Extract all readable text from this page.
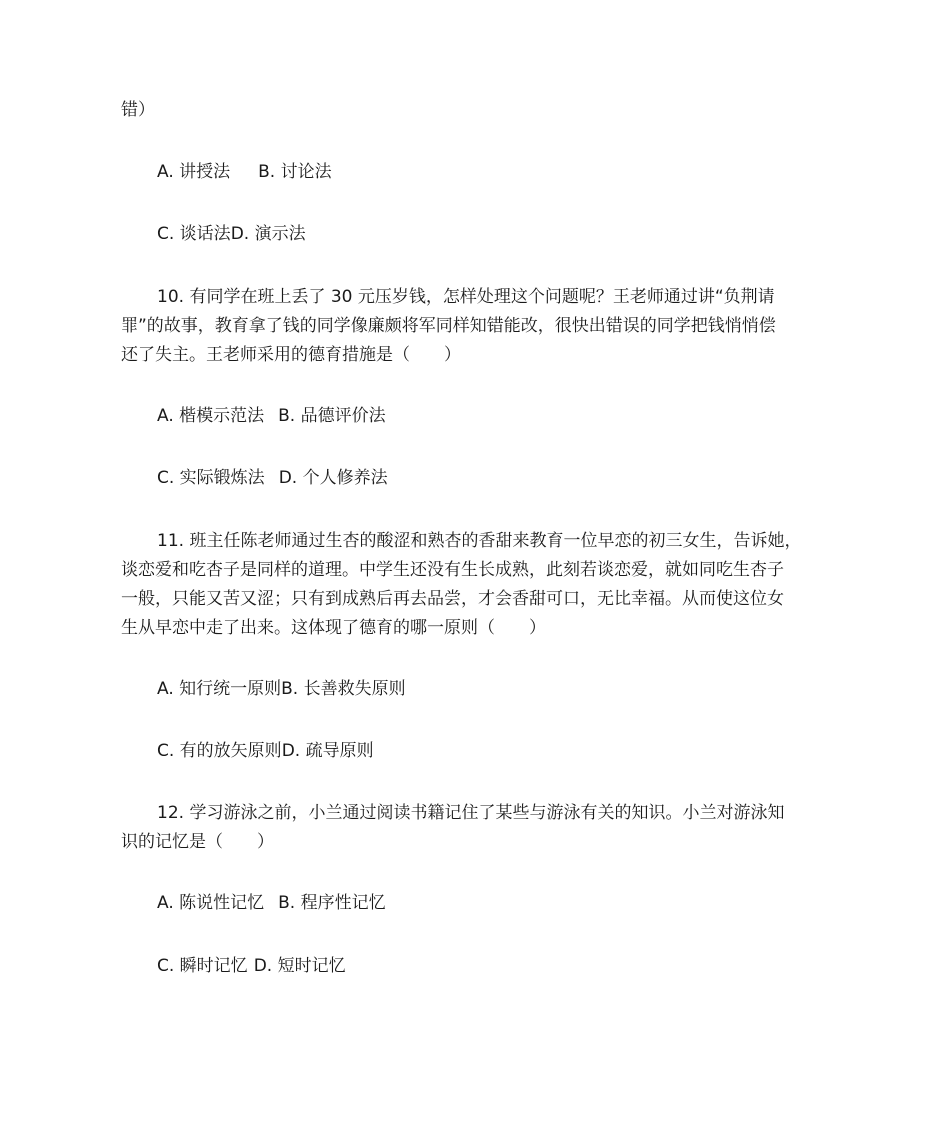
错）

A. 讲授法 B. 讨论法

C. 谈话法D. 演示法

10. 有同学在班上丢了 30 元压岁钱，怎样处理这个问题呢？王老师通过讲“负荆请

罪”的故事，教育拿了钱的同学像廉颇将军同样知错能改，很快出错误的同学把钱悄悄偿

还了失主。王老师采用的德育措施是（　　）

A. 楷模示范法 B. 品德评价法

C. 实际锻炼法 D. 个人修养法

11. 班主任陈老师通过生杏的酸涩和熟杏的香甜来教育一位早恋的初三女生，告诉她，

谈恋爱和吃杏子是同样的道理。中学生还没有生长成熟，此刻若谈恋爱，就如同吃生杏子

一般，只能又苦又涩；只有到成熟后再去品尝，才会香甜可口，无比幸福。从而使这位女

生从早恋中走了出来。这体现了德育的哪一原则（　　）

A. 知行统一原则B. 长善救失原则

C. 有的放矢原则D. 疏导原则

12. 学习游泳之前，小兰通过阅读书籍记住了某些与游泳有关的知识。小兰对游泳知

识的记忆是（　　）

A. 陈说性记忆 B. 程序性记忆

C. 瞬时记忆 D. 短时记忆
